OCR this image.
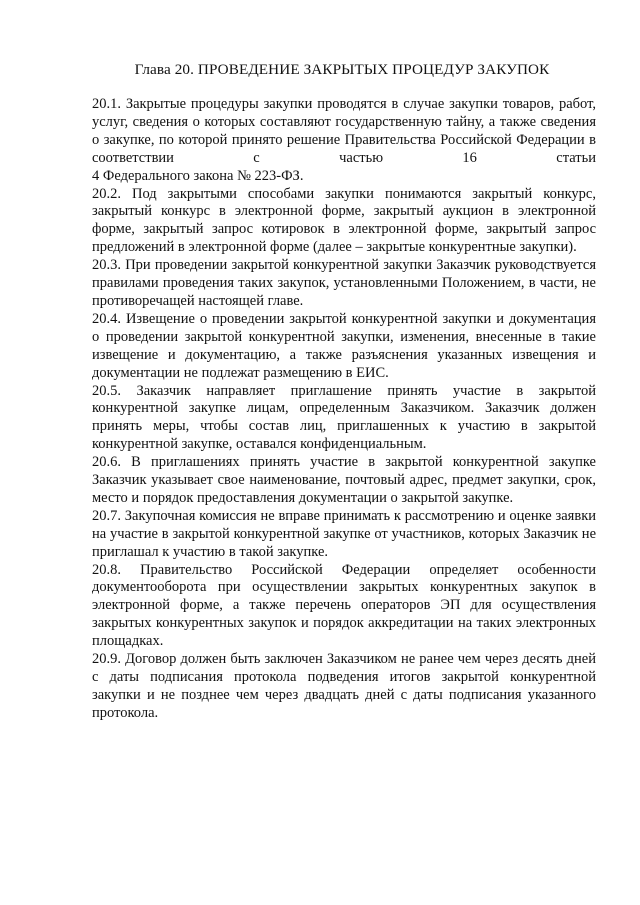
Глава 20. ПРОВЕДЕНИЕ ЗАКРЫТЫХ ПРОЦЕДУР ЗАКУПОК

20.1. Закрытые процедуры закупки проводятся в случае закупки товаров, работ, услуг, сведения о которых составляют государственную тайну, а также сведения о закупке, по которой принято решение Правительства Российской Федерации в соответствии с частью 16 статьи

4 Федерального закона № 223-ФЗ.

20.2. Под закрытыми способами закупки понимаются закрытый конкурс, закрытый конкурс в электронной форме, закрытый аукцион в электронной форме, закрытый запрос котировок в электронной форме, закрытый запрос предложений в электронной форме (далее – закрытые конкурентные закупки).

20.3. При проведении закрытой конкурентной закупки Заказчик руководствуется правилами проведения таких закупок, установленными Положением, в части, не противоречащей настоящей главе.

20.4. Извещение о проведении закрытой конкурентной закупки и документация о проведении закрытой конкурентной закупки, изменения, внесенные в такие извещение и документацию, а также разъяснения указанных извещения и документации не подлежат размещению в ЕИС.

20.5. Заказчик направляет приглашение принять участие в закрытой конкурентной закупке лицам, определенным Заказчиком. Заказчик должен принять меры, чтобы состав лиц, приглашенных к участию в закрытой конкурентной закупке, оставался конфиденциальным.

20.6. В приглашениях принять участие в закрытой конкурентной закупке Заказчик указывает свое наименование, почтовый адрес, предмет закупки, срок, место и порядок предоставления документации о закрытой закупке.

20.7. Закупочная комиссия не вправе принимать к рассмотрению и оценке заявки на участие в закрытой конкурентной закупке от участников, которых Заказчик не приглашал к участию в такой закупке.

20.8. Правительство Российской Федерации определяет особенности документооборота при осуществлении закрытых конкурентных закупок в электронной форме, а также перечень операторов ЭП для осуществления закрытых конкурентных закупок и порядок аккредитации на таких электронных площадках.

20.9. Договор должен быть заключен Заказчиком не ранее чем через десять дней с даты подписания протокола подведения итогов закрытой конкурентной закупки и не позднее чем через двадцать дней с даты подписания указанного протокола.
